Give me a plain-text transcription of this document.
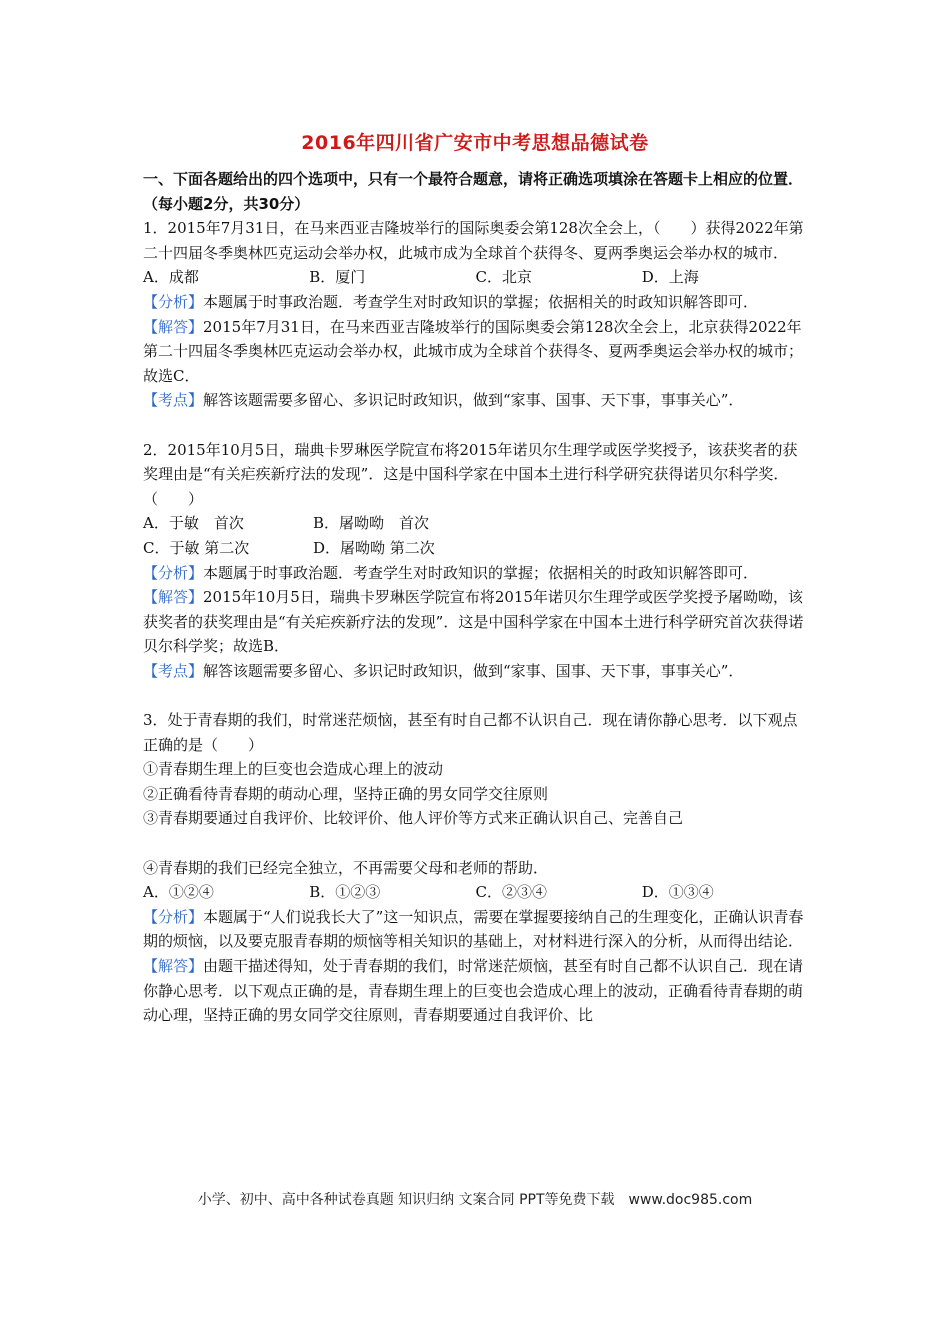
2016年四川省广安市中考思想品德试卷

一、下面各题给出的四个选项中，只有一个最符合题意，请将正确选项填涂在答题卡上相应的位置．（每小题2分，共30分）

1．2015年7月31日，在马来西亚吉隆坡举行的国际奥委会第128次全会上，（　　）获得2022年第二十四届冬季奥林匹克运动会举办权，此城市成为全球首个获得冬、夏两季奥运会举办权的城市．

A．成都	B．厦门	C．北京	D．上海

【分析】本题属于时事政治题．考查学生对时政知识的掌握；依据相关的时政知识解答即可．

【解答】2015年7月31日，在马来西亚吉隆坡举行的国际奥委会第128次全会上，北京获得2022年第二十四届冬季奥林匹克运动会举办权，此城市成为全球首个获得冬、夏两季奥运会举办权的城市；故选C．

【考点】解答该题需要多留心、多识记时政知识，做到“家事、国事、天下事，事事关心”．

2．2015年10月5日，瑞典卡罗琳医学院宣布将2015年诺贝尔生理学或医学奖授予，该获奖者的获奖理由是“有关疟疾新疗法的发现”．这是中国科学家在中国本土进行科学研究获得诺贝尔科学奖．（　　）

A．于敏　首次	B．屠呦呦　首次
C．于敏 第二次	D．屠呦呦 第二次

【分析】本题属于时事政治题．考查学生对时政知识的掌握；依据相关的时政知识解答即可．

【解答】2015年10月5日，瑞典卡罗琳医学院宣布将2015年诺贝尔生理学或医学奖授予屠呦呦，该获奖者的获奖理由是“有关疟疾新疗法的发现”．这是中国科学家在中国本土进行科学研究首次获得诺贝尔科学奖；故选B．

【考点】解答该题需要多留心、多识记时政知识，做到“家事、国事、天下事，事事关心”．

3．处于青春期的我们，时常迷茫烦恼，甚至有时自己都不认识自己．现在请你静心思考．以下观点正确的是（　　）

①青春期生理上的巨变也会造成心理上的波动

②正确看待青春期的萌动心理，坚持正确的男女同学交往原则

③青春期要通过自我评价、比较评价、他人评价等方式来正确认识自己、完善自己

④青春期的我们已经完全独立，不再需要父母和老师的帮助．

A．①②④	B．①②③	C．②③④	D．①③④

【分析】本题属于“人们说我长大了”这一知识点，需要在掌握要接纳自己的生理变化，正确认识青春期的烦恼，以及要克服青春期的烦恼等相关知识的基础上，对材料进行深入的分析，从而得出结论．

【解答】由题干描述得知，处于青春期的我们，时常迷茫烦恼，甚至有时自己都不认识自己．现在请你静心思考．以下观点正确的是，青春期生理上的巨变也会造成心理上的波动，正确看待青春期的萌动心理，坚持正确的男女同学交往原则，青春期要通过自我评价、比

小学、初中、高中各种试卷真题 知识归纳 文案合同 PPT等免费下载　www.doc985.com
